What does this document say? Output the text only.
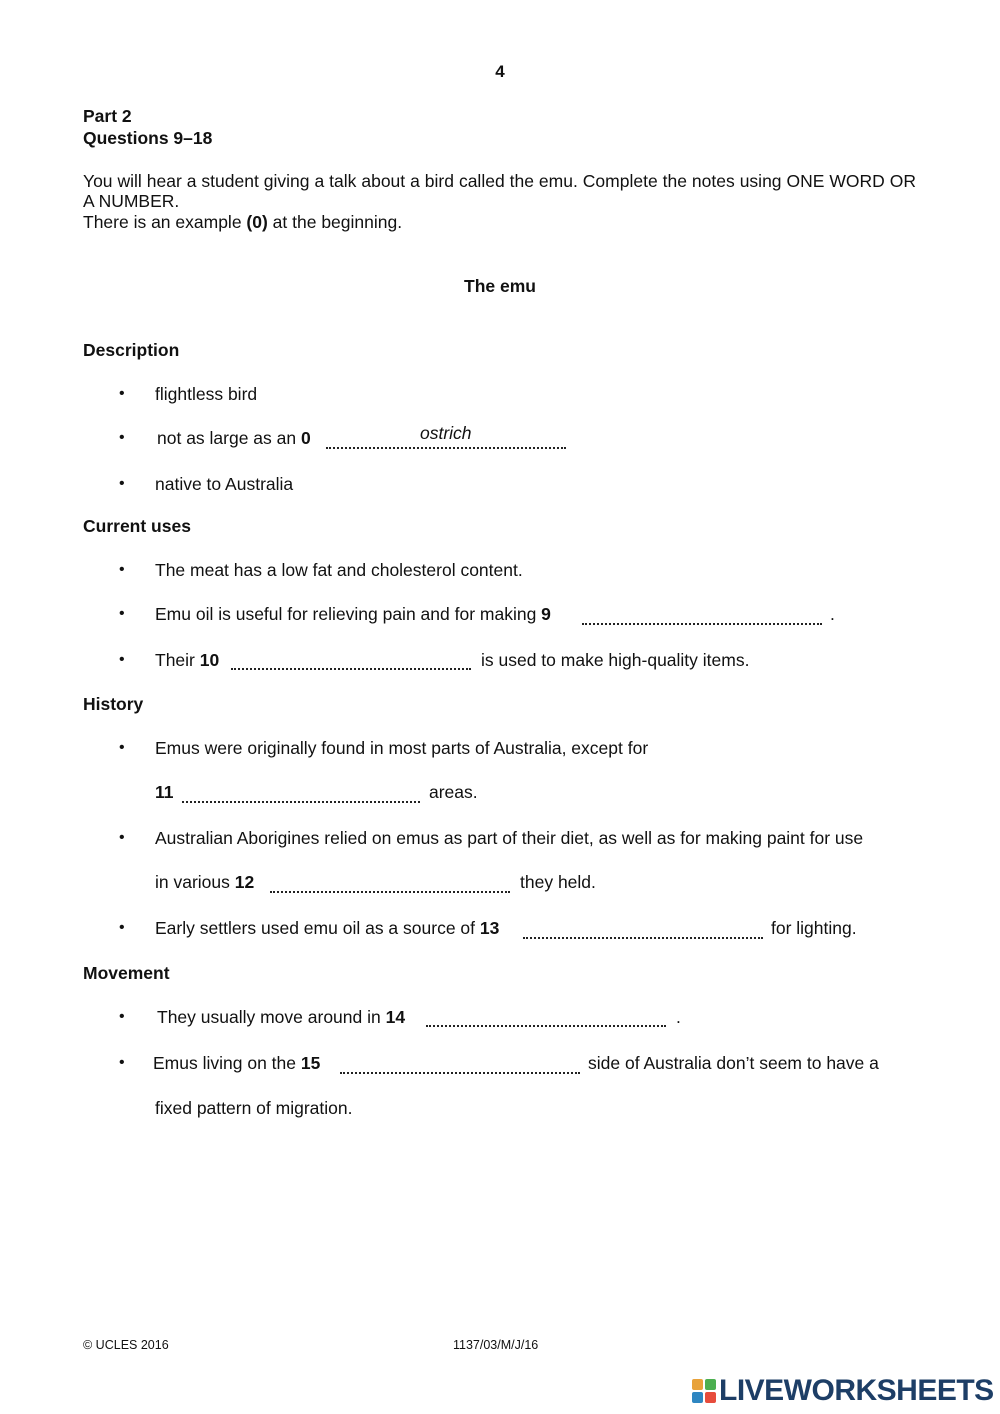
4
Part 2
Questions 9–18
You will hear a student giving a talk about a bird called the emu. Complete the notes using ONE WORD OR A NUMBER.
There is an example (0) at the beginning.
The emu
Description
• flightless bird
• not as large as an 0	ostrich
• native to Australia
Current uses
• The meat has a low fat and cholesterol content.
• Emu oil is useful for relieving pain and for making 9	.
• Their 10	is used to make high-quality items.
History
• Emus were originally found in most parts of Australia, except for
11	areas.
• Australian Aborigines relied on emus as part of their diet, as well as for making paint for use
in various 12	they held.
• Early settlers used emu oil as a source of 13	for lighting.
Movement
• They usually move around in 14	.
• Emus living on the 15	side of Australia don’t seem to have a
fixed pattern of migration.
© UCLES 2016	1137/03/M/J/16
LIVEWORKSHEETS
